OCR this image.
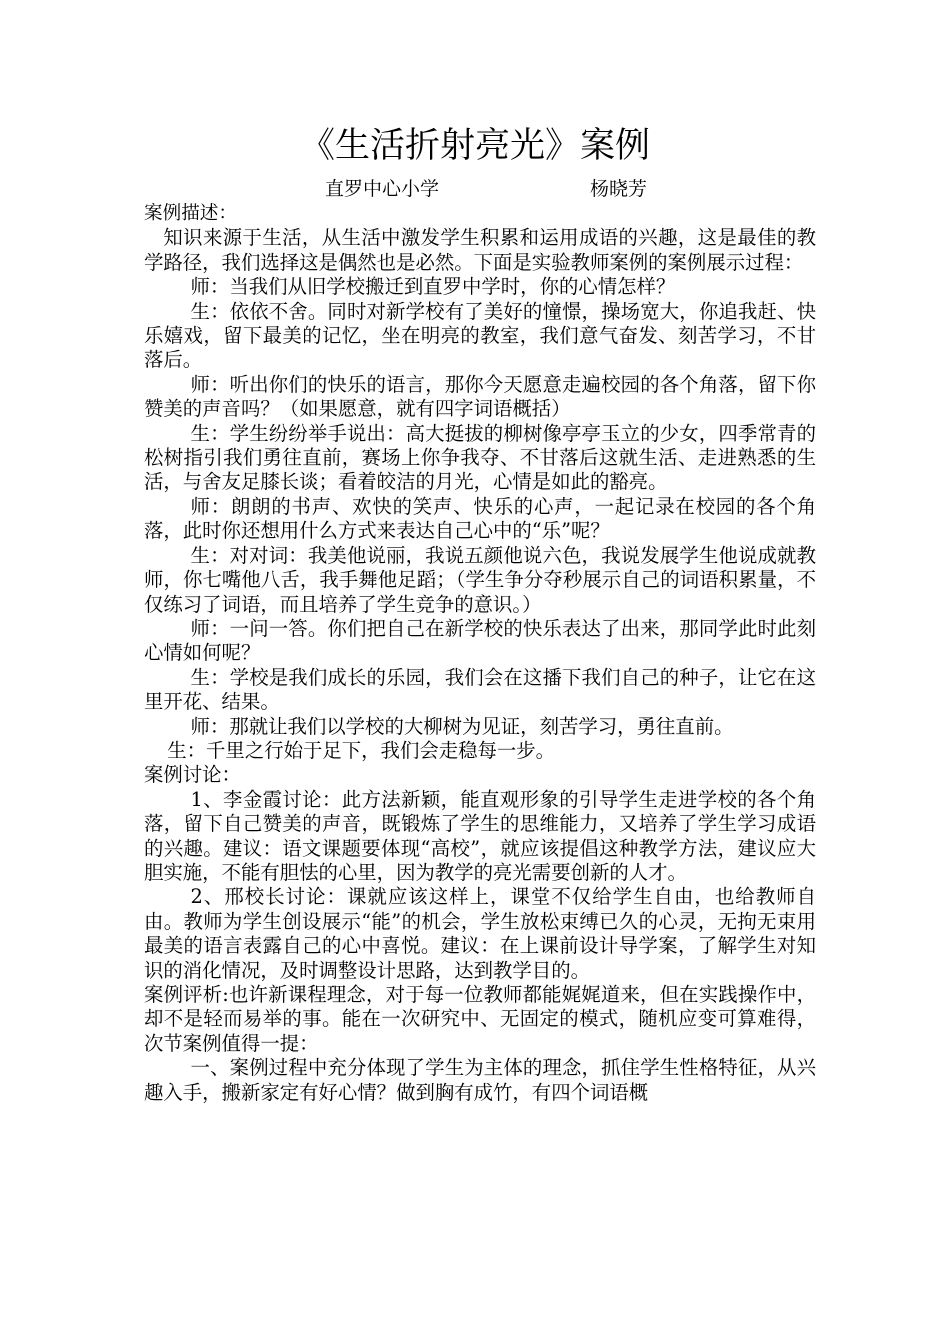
《生活折射亮光》案例
直罗中心小学	杨晓芳

案例描述：

知识来源于生活，从生活中激发学生积累和运用成语的兴趣，这是最佳的教学路径，我们选择这是偶然也是必然。下面是实验教师案例的案例展示过程：

师：当我们从旧学校搬迁到直罗中学时，你的心情怎样？

生：依依不舍。同时对新学校有了美好的憧憬，操场宽大，你追我赶、快乐嬉戏，留下最美的记忆，坐在明亮的教室，我们意气奋发、刻苦学习，不甘落后。

师：听出你们的快乐的语言，那你今天愿意走遍校园的各个角落，留下你赞美的声音吗？（如果愿意，就有四字词语概括）

生：学生纷纷举手说出：高大挺拔的柳树像亭亭玉立的少女，四季常青的松树指引我们勇往直前，赛场上你争我夺、不甘落后这就生活、走进熟悉的生活，与舍友足膝长谈；看着皎洁的月光，心情是如此的豁亮。

师：朗朗的书声、欢快的笑声、快乐的心声，一起记录在校园的各个角落，此时你还想用什么方式来表达自己心中的“乐”呢？

生：对对词：我美他说丽，我说五颜他说六色，我说发展学生他说成就教师，你七嘴他八舌，我手舞他足蹈；（学生争分夺秒展示自己的词语积累量，不仅练习了词语，而且培养了学生竞争的意识。）

师：一问一答。你们把自己在新学校的快乐表达了出来，那同学此时此刻心情如何呢？

生：学校是我们成长的乐园，我们会在这播下我们自己的种子，让它在这里开花、结果。

师：那就让我们以学校的大柳树为见证，刻苦学习，勇往直前。

生：千里之行始于足下，我们会走稳每一步。

案例讨论：

1、李金霞讨论：此方法新颖，能直观形象的引导学生走进学校的各个角落，留下自己赞美的声音，既锻炼了学生的思维能力，又培养了学生学习成语的兴趣。建议：语文课题要体现“高校”，就应该提倡这种教学方法，建议应大胆实施，不能有胆怯的心里，因为教学的亮光需要创新的人才。

2、邢校长讨论：课就应该这样上，课堂不仅给学生自由，也给教师自由。教师为学生创设展示“能”的机会，学生放松束缚已久的心灵，无拘无束用最美的语言表露自己的心中喜悦。建议：在上课前设计导学案，了解学生对知识的消化情况，及时调整设计思路，达到教学目的。

案例评析:也许新课程理念，对于每一位教师都能娓娓道来，但在实践操作中，却不是轻而易举的事。能在一次研究中、无固定的模式，随机应变可算难得，次节案例值得一提：

一、案例过程中充分体现了学生为主体的理念，抓住学生性格特征，从兴趣入手，搬新家定有好心情？做到胸有成竹，有四个词语概
